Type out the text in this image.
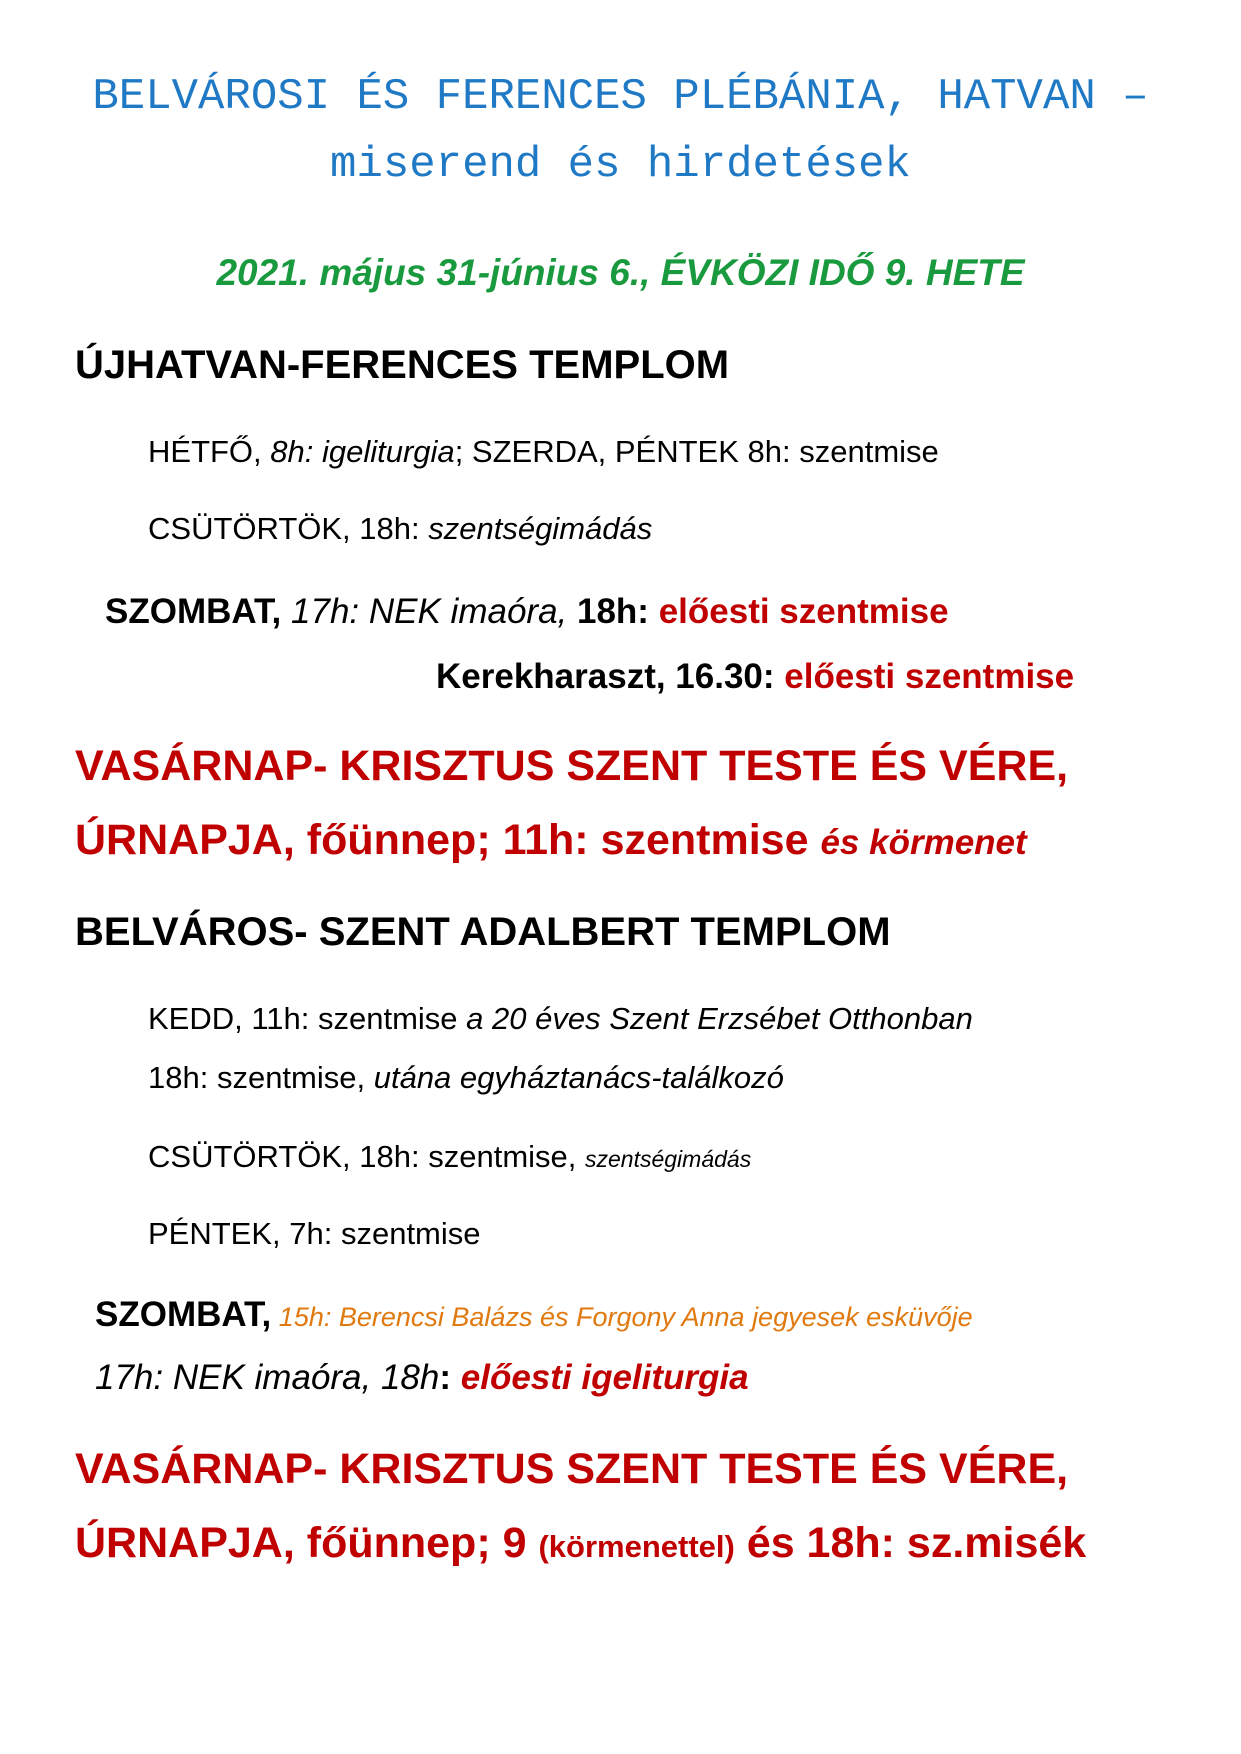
BELVÁROSI ÉS FERENCES PLÉBÁNIA, HATVAN –
miserend és hirdetések
2021. május 31-június 6., ÉVKÖZI IDŐ 9. HETE
ÚJHATVAN-FERENCES TEMPLOM
HÉTFŐ, 8h: igeliturgia; SZERDA, PÉNTEK 8h: szentmise
CSÜTÖRTÖK, 18h: szentségimádás
SZOMBAT, 17h: NEK imaóra, 18h: előesti szentmise
Kerekharaszt, 16.30: előesti szentmise
VASÁRNAP- KRISZTUS SZENT TESTE ÉS VÉRE,
ÚRNAPJA, főünnep; 11h: szentmise és körmenet
BELVÁROS- SZENT ADALBERT TEMPLOM
KEDD, 11h: szentmise a 20 éves Szent Erzsébet Otthonban
18h: szentmise, utána egyháztanács-találkozó
CSÜTÖRTÖK, 18h: szentmise, szentségimádás
PÉNTEK, 7h: szentmise
SZOMBAT, 15h: Berencsi Balázs és Forgony Anna jegyesek esküvője
17h: NEK imaóra, 18h: előesti igeliturgia
VASÁRNAP- KRISZTUS SZENT TESTE ÉS VÉRE,
ÚRNAPJA, főünnep; 9 (körmenettel) és 18h: sz.misék
